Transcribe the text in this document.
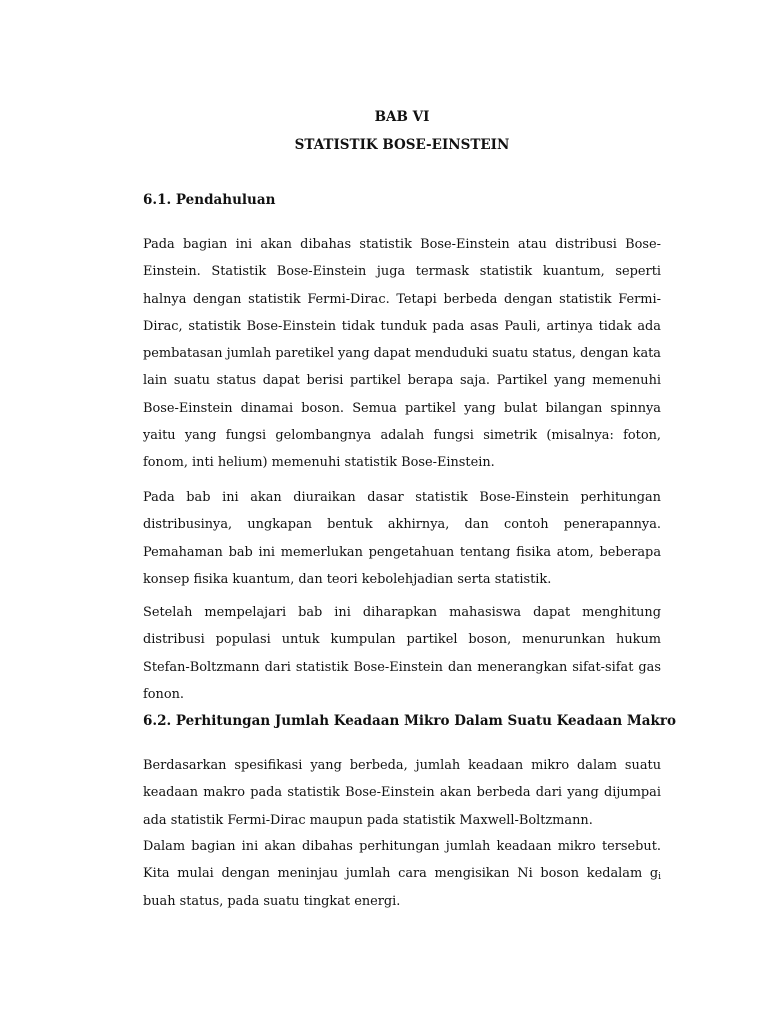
BAB VI
STATISTIK BOSE-EINSTEIN
6.1. Pendahuluan

Pada bagian ini akan dibahas statistik Bose-Einstein atau distribusi Bose-Einstein. Statistik Bose-Einstein juga termask statistik kuantum, seperti halnya dengan statistik Fermi-Dirac. Tetapi berbeda dengan statistik Fermi-Dirac, statistik Bose-Einstein tidak tunduk pada asas Pauli, artinya tidak ada pembatasan jumlah paretikel yang dapat menduduki suatu status, dengan kata lain suatu status dapat berisi partikel berapa saja. Partikel yang memenuhi Bose-Einstein dinamai boson. Semua partikel yang bulat bilangan spinnya yaitu yang fungsi gelombangnya adalah fungsi simetrik (misalnya: foton, fonom, inti helium) memenuhi statistik Bose-Einstein.

Pada bab ini akan diuraikan dasar statistik Bose-Einstein perhitungan distribusinya, ungkapan bentuk akhirnya, dan contoh penerapannya. Pemahaman bab ini memerlukan pengetahuan tentang fisika atom, beberapa konsep fisika kuantum, dan teori kebolehjadian serta statistik.

Setelah mempelajari bab ini diharapkan mahasiswa dapat menghitung distribusi populasi untuk kumpulan partikel boson, menurunkan hukum Stefan-Boltzmann dari statistik Bose-Einstein dan menerangkan sifat-sifat gas fonon.

6.2. Perhitungan Jumlah Keadaan Mikro Dalam Suatu Keadaan Makro

Berdasarkan spesifikasi yang berbeda, jumlah keadaan mikro dalam suatu keadaan makro pada statistik Bose-Einstein akan berbeda dari yang dijumpai ada statistik Fermi-Dirac maupun pada statistik Maxwell-Boltzmann.

Dalam bagian ini akan dibahas perhitungan jumlah keadaan mikro tersebut. Kita mulai dengan meninjau jumlah cara mengisikan Ni boson kedalam $g_i$ buah status, pada suatu tingkat energi.
